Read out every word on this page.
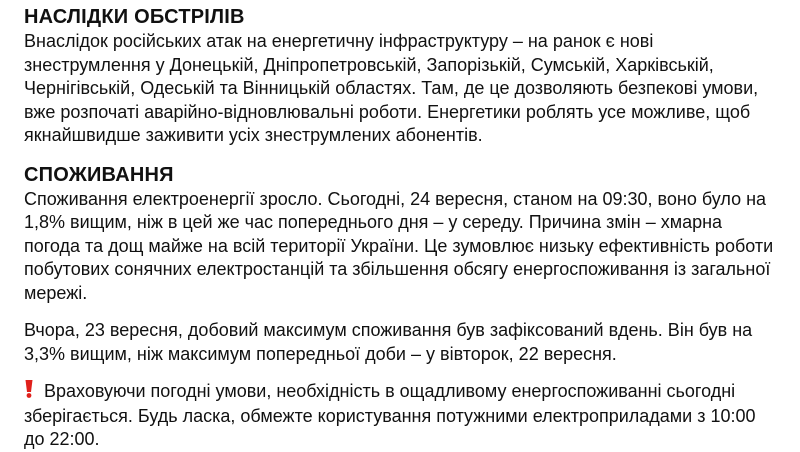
НАСЛІДКИ ОБСТРІЛІВ

Внаслідок російських атак на енергетичну інфраструктуру – на ранок є нові
знеструмлення у Донецькій, Дніпропетровській, Запорізькій, Сумській, Харківській,
Чернігівській, Одеській та Вінницькій областях. Там, де це дозволяють безпекові умови,
вже розпочаті аварійно-відновлювальні роботи. Енергетики роблять усе можливе, щоб
якнайшвидше заживити усіх знеструмлених абонентів.

СПОЖИВАННЯ

Споживання електроенергії зросло. Сьогодні, 24 вересня, станом на 09:30, воно було на
1,8% вищим, ніж в цей же час попереднього дня – у середу. Причина змін – хмарна
погода та дощ майже на всій території України. Це зумовлює низьку ефективність роботи
побутових сонячних електростанцій та збільшення обсягу енергоспоживання із загальної
мережі.

Вчора, 23 вересня, добовий максимум споживання був зафіксований вдень. Він був на
3,3% вищим, ніж максимум попередньої доби – у вівторок, 22 вересня.

Враховуючи погодні умови, необхідність в ощадливому енергоспоживанні сьогодні
зберігається. Будь ласка, обмежте користування потужними електроприладами з 10:00
до 22:00.
